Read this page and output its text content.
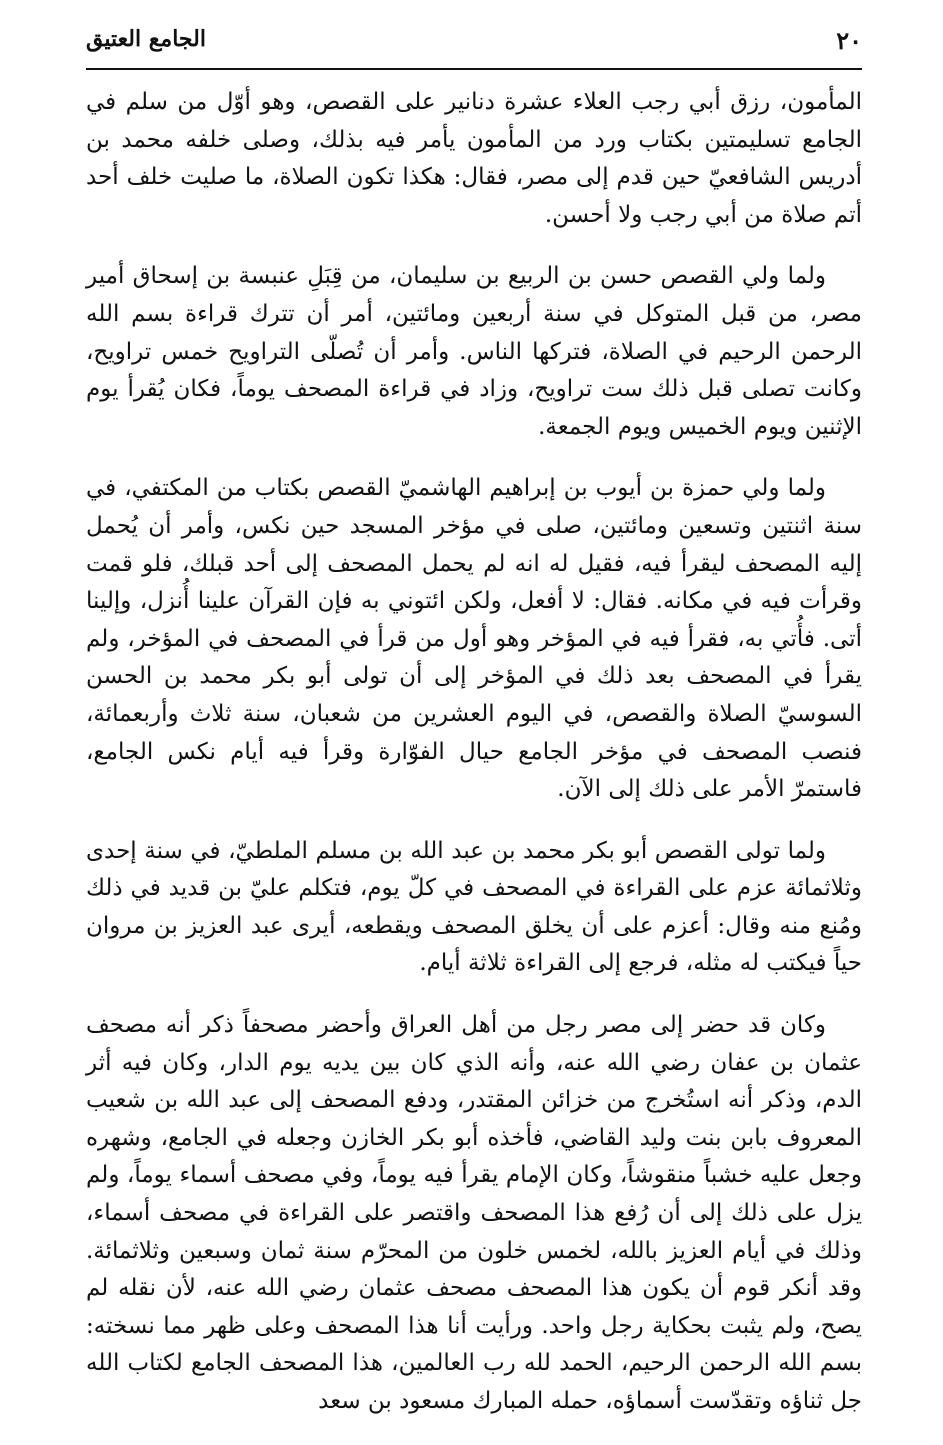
٢٠
الجامع العتيق

المأمون، رزق أبي رجب العلاء عشرة دنانير على القصص، وهو أوّل من سلم في الجامع تسليمتين بكتاب ورد من المأمون يأمر فيه بذلك، وصلى خلفه محمد بن أدريس الشافعيّ حين قدم إلى مصر، فقال: هكذا تكون الصلاة، ما صليت خلف أحد أتم صلاة من أبي رجب ولا أحسن.

ولما ولي القصص حسن بن الربيع بن سليمان، من قِبَلِ عنبسة بن إسحاق أمير مصر، من قبل المتوكل في سنة أربعين ومائتين، أمر أن تترك قراءة بسم الله الرحمن الرحيم في الصلاة، فتركها الناس. وأمر أن تُصلّى التراويح خمس تراويح، وكانت تصلى قبل ذلك ست تراويح، وزاد في قراءة المصحف يوماً، فكان يُقرأ يوم الإثنين ويوم الخميس ويوم الجمعة.

ولما ولي حمزة بن أيوب بن إبراهيم الهاشميّ القصص بكتاب من المكتفي، في سنة اثنتين وتسعين ومائتين، صلى في مؤخر المسجد حين نكس، وأمر أن يُحمل إليه المصحف ليقرأ فيه، فقيل له انه لم يحمل المصحف إلى أحد قبلك، فلو قمت وقرأت فيه في مكانه. فقال: لا أفعل، ولكن ائتوني به فإن القرآن علينا أُنزل، وإلينا أتى. فأُتي به، فقرأ فيه في المؤخر وهو أول من قرأ في المصحف في المؤخر، ولم يقرأ في المصحف بعد ذلك في المؤخر إلى أن تولى أبو بكر محمد بن الحسن السوسيّ الصلاة والقصص، في اليوم العشرين من شعبان، سنة ثلاث وأربعمائة، فنصب المصحف في مؤخر الجامع حيال الفوّارة وقرأ فيه أيام نكس الجامع، فاستمرّ الأمر على ذلك إلى الآن.

ولما تولى القصص أبو بكر محمد بن عبد الله بن مسلم الملطيّ، في سنة إحدى وثلاثمائة عزم على القراءة في المصحف في كلّ يوم، فتكلم عليّ بن قديد في ذلك ومُنع منه وقال: أعزم على أن يخلق المصحف ويقطعه، أيرى عبد العزيز بن مروان حياً فيكتب له مثله، فرجع إلى القراءة ثلاثة أيام.

وكان قد حضر إلى مصر رجل من أهل العراق وأحضر مصحفاً ذكر أنه مصحف عثمان بن عفان رضي الله عنه، وأنه الذي كان بين يديه يوم الدار، وكان فيه أثر الدم، وذكر أنه استُخرج من خزائن المقتدر، ودفع المصحف إلى عبد الله بن شعيب المعروف بابن بنت وليد القاضي، فأخذه أبو بكر الخازن وجعله في الجامع، وشهره وجعل عليه خشباً منقوشاً، وكان الإمام يقرأ فيه يوماً، وفي مصحف أسماء يوماً، ولم يزل على ذلك إلى أن رُفع هذا المصحف واقتصر على القراءة في مصحف أسماء، وذلك في أيام العزيز بالله، لخمس خلون من المحرّم سنة ثمان وسبعين وثلاثمائة. وقد أنكر قوم أن يكون هذا المصحف مصحف عثمان رضي الله عنه، لأن نقله لم يصح، ولم يثبت بحكاية رجل واحد. ورأيت أنا هذا المصحف وعلى ظهر مما نسخته: بسم الله الرحمن الرحيم، الحمد لله رب العالمين، هذا المصحف الجامع لكتاب الله جل ثناؤه وتقدّست أسماؤه، حمله المبارك مسعود بن سعد
